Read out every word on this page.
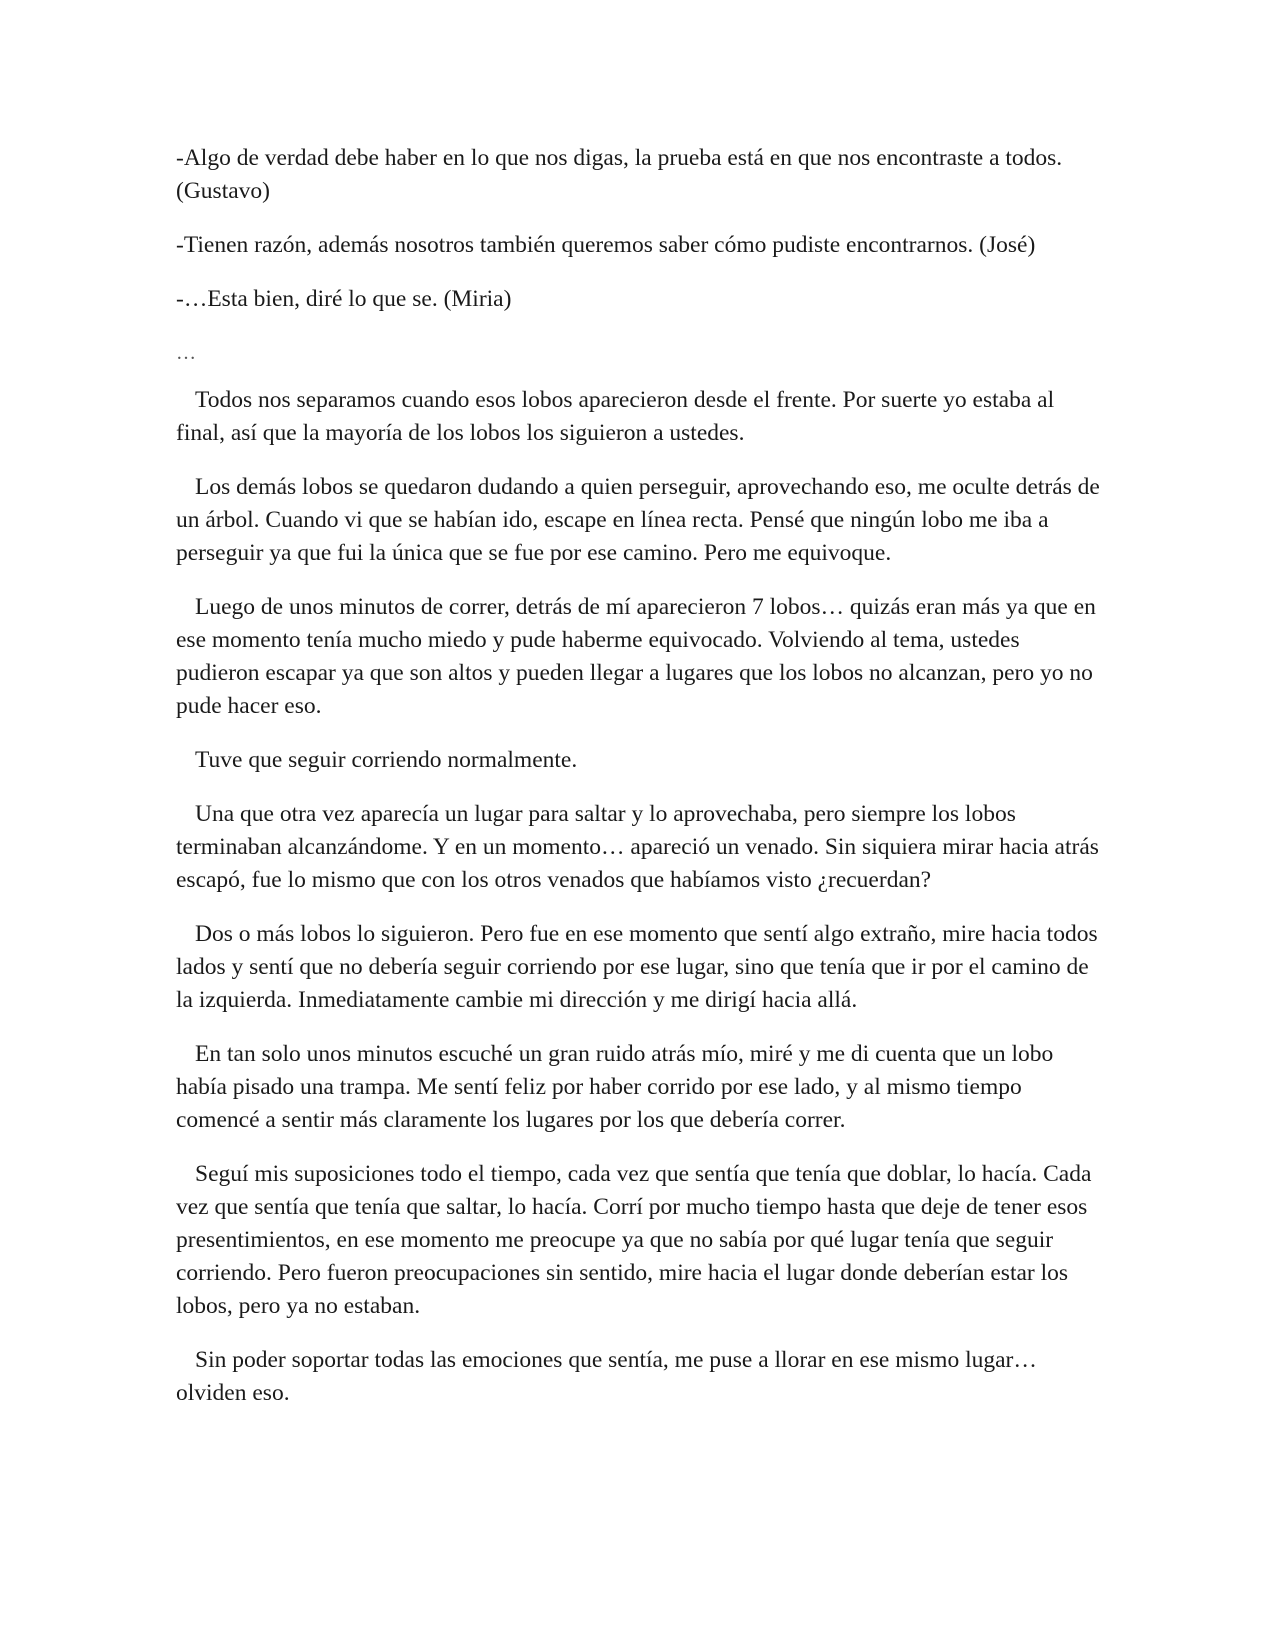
-Algo de verdad debe haber en lo que nos digas, la prueba está en que nos encontraste a todos. (Gustavo)

-Tienen razón, además nosotros también queremos saber cómo pudiste encontrarnos. (José)

-…Esta bien, diré lo que se. (Miria)

…

Todos nos separamos cuando esos lobos aparecieron desde el frente. Por suerte yo estaba al final, así que la mayoría de los lobos los siguieron a ustedes.

Los demás lobos se quedaron dudando a quien perseguir, aprovechando eso, me oculte detrás de un árbol. Cuando vi que se habían ido, escape en línea recta. Pensé que ningún lobo me iba a perseguir ya que fui la única que se fue por ese camino. Pero me equivoque.

Luego de unos minutos de correr, detrás de mí aparecieron 7 lobos… quizás eran más ya que en ese momento tenía mucho miedo y pude haberme equivocado. Volviendo al tema, ustedes pudieron escapar ya que son altos y pueden llegar a lugares que los lobos no alcanzan, pero yo no pude hacer eso.

Tuve que seguir corriendo normalmente.

Una que otra vez aparecía un lugar para saltar y lo aprovechaba, pero siempre los lobos terminaban alcanzándome. Y en un momento… apareció un venado. Sin siquiera mirar hacia atrás escapó, fue lo mismo que con los otros venados que habíamos visto ¿recuerdan?

Dos o más lobos lo siguieron. Pero fue en ese momento que sentí algo extraño, mire hacia todos lados y sentí que no debería seguir corriendo por ese lugar, sino que tenía que ir por el camino de la izquierda. Inmediatamente cambie mi dirección y me dirigí hacia allá.

En tan solo unos minutos escuché un gran ruido atrás mío, miré y me di cuenta que un lobo había pisado una trampa. Me sentí feliz por haber corrido por ese lado, y al mismo tiempo comencé a sentir más claramente los lugares por los que debería correr.

Seguí mis suposiciones todo el tiempo, cada vez que sentía que tenía que doblar, lo hacía. Cada vez que sentía que tenía que saltar, lo hacía. Corrí por mucho tiempo hasta que deje de tener esos presentimientos, en ese momento me preocupe ya que no sabía por qué lugar tenía que seguir corriendo. Pero fueron preocupaciones sin sentido, mire hacia el lugar donde deberían estar los lobos, pero ya no estaban.

Sin poder soportar todas las emociones que sentía, me puse a llorar en ese mismo lugar… olviden eso.
